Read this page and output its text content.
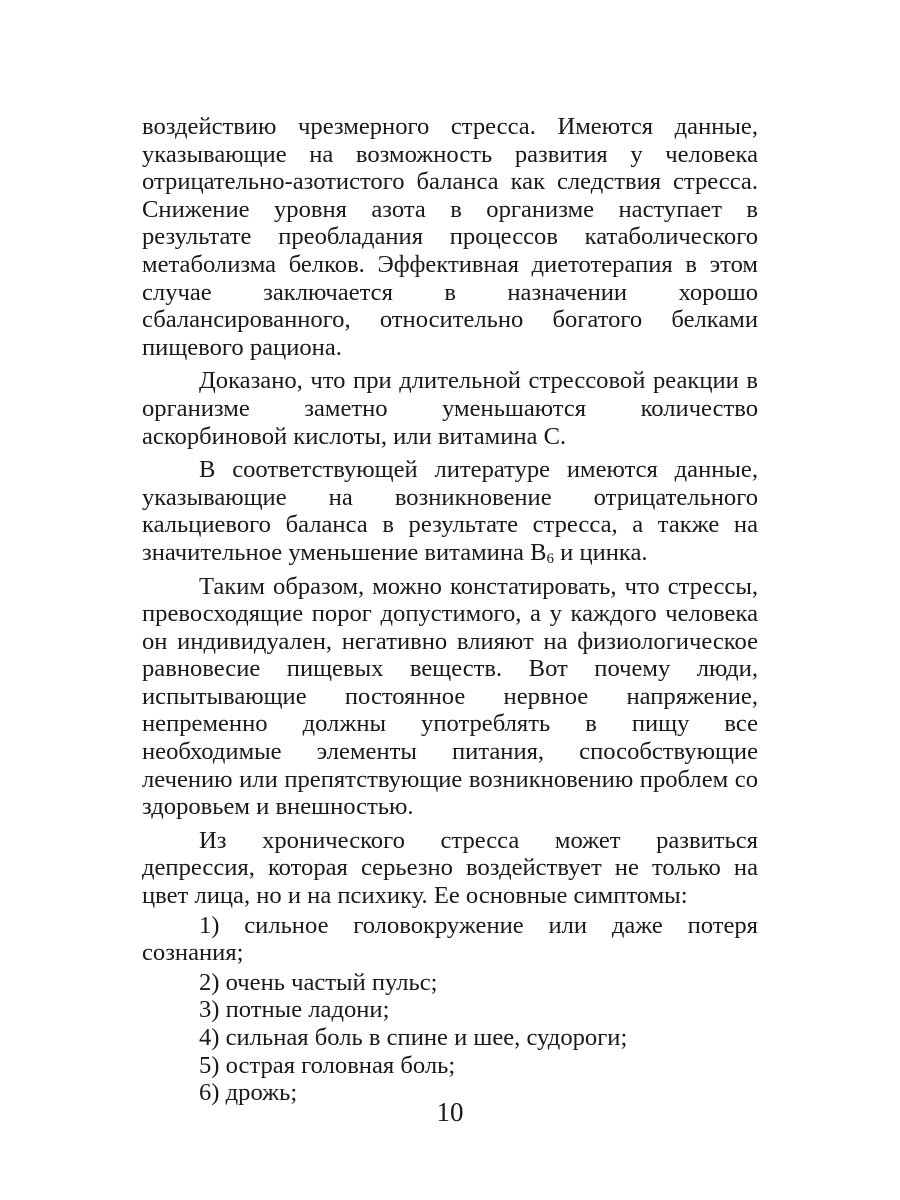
воздействию чрезмерного стресса. Имеются данные, указывающие на возможность развития у человека отрицательно-азотистого баланса как следствия стресса. Снижение уровня азота в организме наступает в результате преобладания процессов катаболического метаболизма белков. Эффективная диетотерапия в этом случае заключается в назначении хорошо сбалансированного, относительно богатого белками пищевого рациона.

Доказано, что при длительной стрессовой реакции в организме заметно уменьшаются количество аскорбиновой кислоты, или витамина С.

В соответствующей литературе имеются данные, указывающие на возникновение отрицательного кальциевого баланса в результате стресса, а также на значительное уменьшение витамина $В_6$ и цинка.

Таким образом, можно констатировать, что стрессы, превосходящие порог допустимого, а у каждого человека он индивидуален, негативно влияют на физиологическое равновесие пищевых веществ. Вот почему люди, испытывающие постоянное нервное напряжение, непременно должны употреблять в пищу все необходимые элементы питания, способствующие лечению или препятствующие возникновению проблем со здоровьем и внешностью.

Из хронического стресса может развиться депрессия, которая серьезно воздействует не только на цвет лица, но и на психику. Ее основные симптомы:

1) сильное головокружение или даже потеря сознания;

2) очень частый пульс;

3) потные ладони;

4) сильная боль в спине и шее, судороги;

5) острая головная боль;

6) дрожь;

10
